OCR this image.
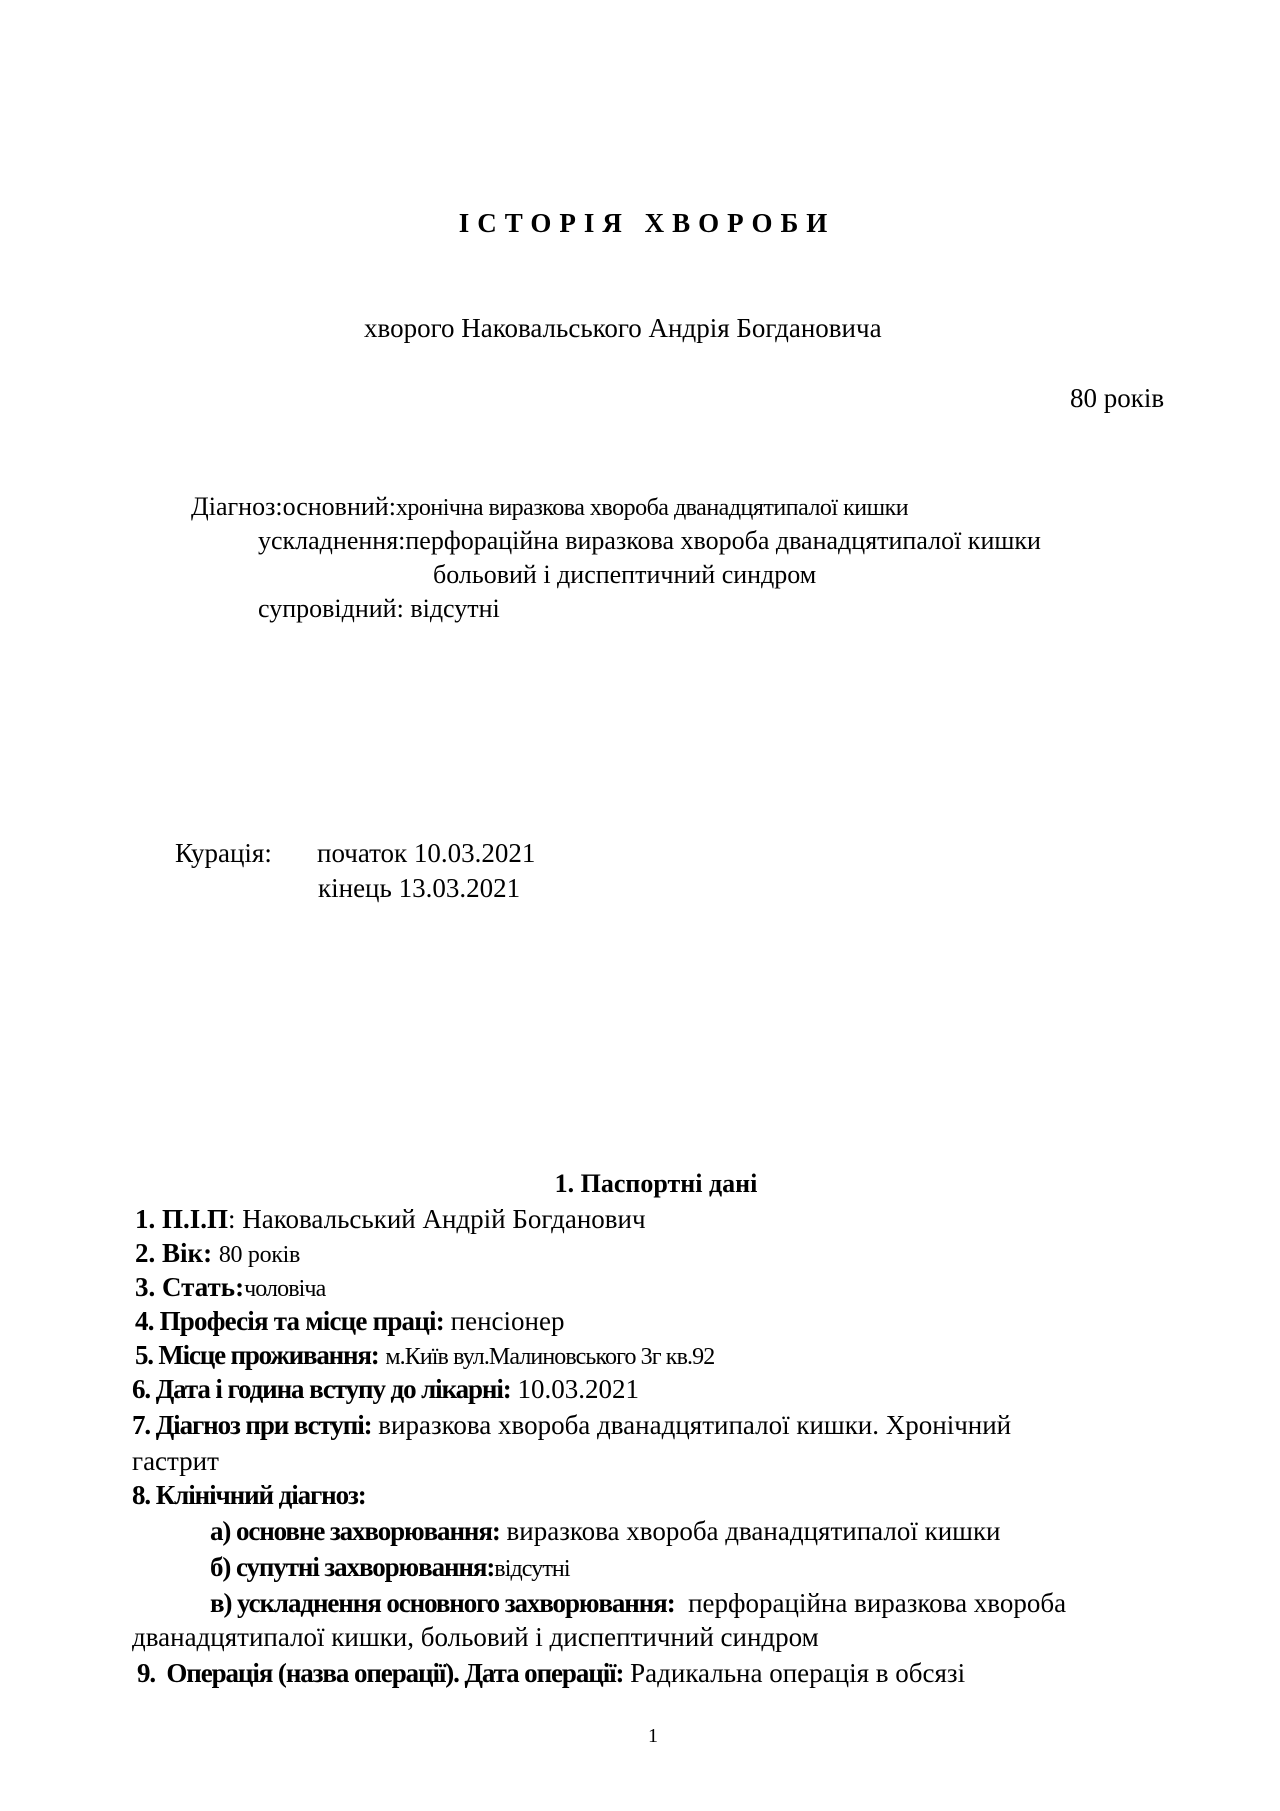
ІСТОРІЯ ХВОРОБИ
хворого Наковальського Андрія Богдановича
80 років
Діагноз:основний:хронічна виразкова хвороба дванадцятипалої кишки
ускладнення:перфораційна виразкова хвороба дванадцятипалої кишки
больовий і диспептичний синдром
супровідний: відсутні
Курація: початок 10.03.2021
кінець 13.03.2021
1. Паспортні дані
1. П.І.П: Наковальський Андрій Богданович
2. Вік: 80 років
3. Стать:чоловіча
4. Професія та місце праці: пенсіонер
5. Місце проживання: м.Київ вул.Малиновського 3г кв.92
6. Дата і година вступу до лікарні: 10.03.2021
7. Діагноз при вступі: виразкова хвороба дванадцятипалої кишки. Хронічний
гастрит
8. Клінічний діагноз:
а) основне захворювання: виразкова хвороба дванадцятипалої кишки
б) супутні захворювання:відсутні
в) ускладнення основного захворювання: перфораційна виразкова хвороба
дванадцятипалої кишки, больовий і диспептичний синдром
9.  Операція (назва операції). Дата операції: Радикальна операція в обсязі
1
